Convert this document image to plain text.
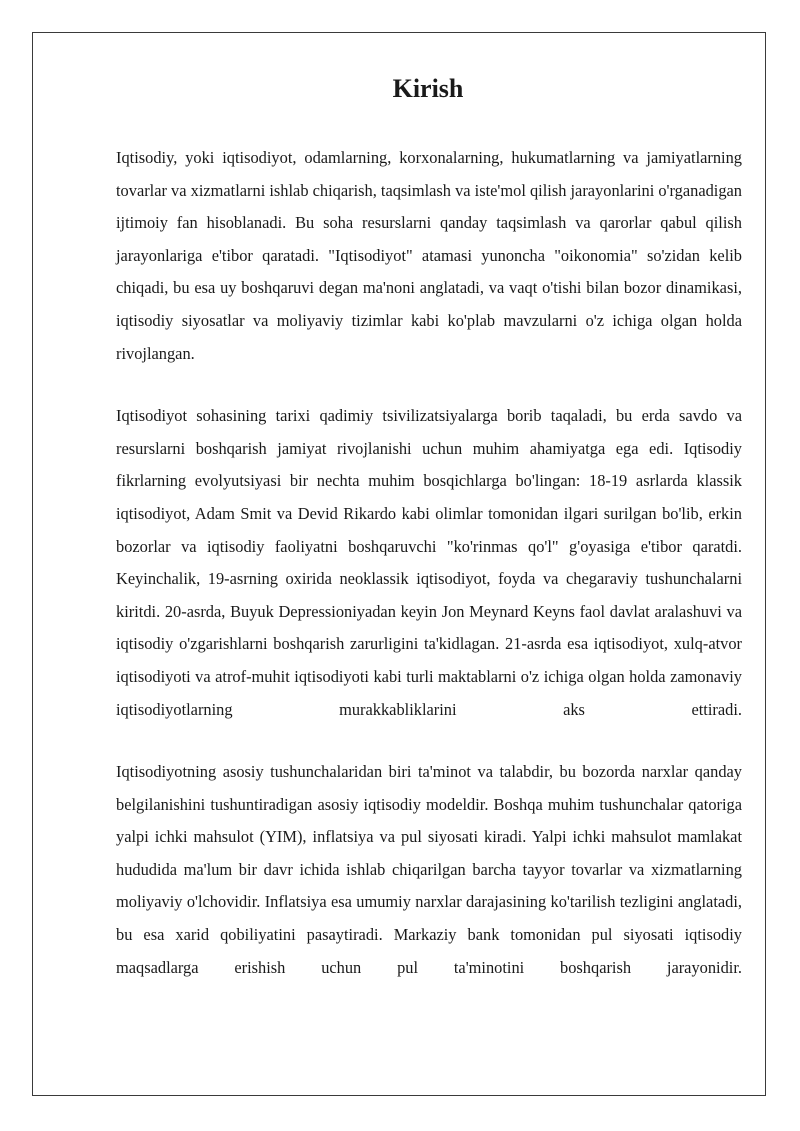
Kirish

Iqtisodiy, yoki iqtisodiyot, odamlarning, korxonalarning, hukumatlarning va jamiyatlarning tovarlar va xizmatlarni ishlab chiqarish, taqsimlash va iste'mol qilish jarayonlarini o'rganadigan ijtimoiy fan hisoblanadi. Bu soha resurslarni qanday taqsimlash va qarorlar qabul qilish jarayonlariga e'tibor qaratadi. "Iqtisodiyot" atamasi yunoncha "oikonomia" so'zidan kelib chiqadi, bu esa uy boshqaruvi degan ma'noni anglatadi, va vaqt o'tishi bilan bozor dinamikasi, iqtisodiy siyosatlar va moliyaviy tizimlar kabi ko'plab mavzularni o'z ichiga olgan holda rivojlangan.

Iqtisodiyot sohasining tarixi qadimiy tsivilizatsiyalarga borib taqaladi, bu erda savdo va resurslarni boshqarish jamiyat rivojlanishi uchun muhim ahamiyatga ega edi. Iqtisodiy fikrlarning evolyutsiyasi bir nechta muhim bosqichlarga bo'lingan: 18-19 asrlarda klassik iqtisodiyot, Adam Smit va Devid Rikardo kabi olimlar tomonidan ilgari surilgan bo'lib, erkin bozorlar va iqtisodiy faoliyatni boshqaruvchi "ko'rinmas qo'l" g'oyasiga e'tibor qaratdi. Keyinchalik, 19-asrning oxirida neoklassik iqtisodiyot, foyda va chegaraviy tushunchalarni kiritdi. 20-asrda, Buyuk Depressioniyadan keyin Jon Meynard Keyns faol davlat aralashuvi va iqtisodiy o'zgarishlarni boshqarish zarurligini ta'kidlagan. 21-asrda esa iqtisodiyot, xulq-atvor iqtisodiyoti va atrof-muhit iqtisodiyoti kabi turli maktablarni o'z ichiga olgan holda zamonaviy iqtisodiyotlarning murakkabliklarini aks ettiradi.

Iqtisodiyotning asosiy tushunchalaridan biri ta'minot va talabdir, bu bozorda narxlar qanday belgilanishini tushuntiradigan asosiy iqtisodiy modeldir. Boshqa muhim tushunchalar qatoriga yalpi ichki mahsulot (YIM), inflatsiya va pul siyosati kiradi. Yalpi ichki mahsulot mamlakat hududida ma'lum bir davr ichida ishlab chiqarilgan barcha tayyor tovarlar va xizmatlarning moliyaviy o'lchovidir. Inflatsiya esa umumiy narxlar darajasining ko'tarilish tezligini anglatadi, bu esa xarid qobiliyatini pasaytiradi. Markaziy bank tomonidan pul siyosati iqtisodiy maqsadlarga erishish uchun pul ta'minotini boshqarish jarayonidir.
